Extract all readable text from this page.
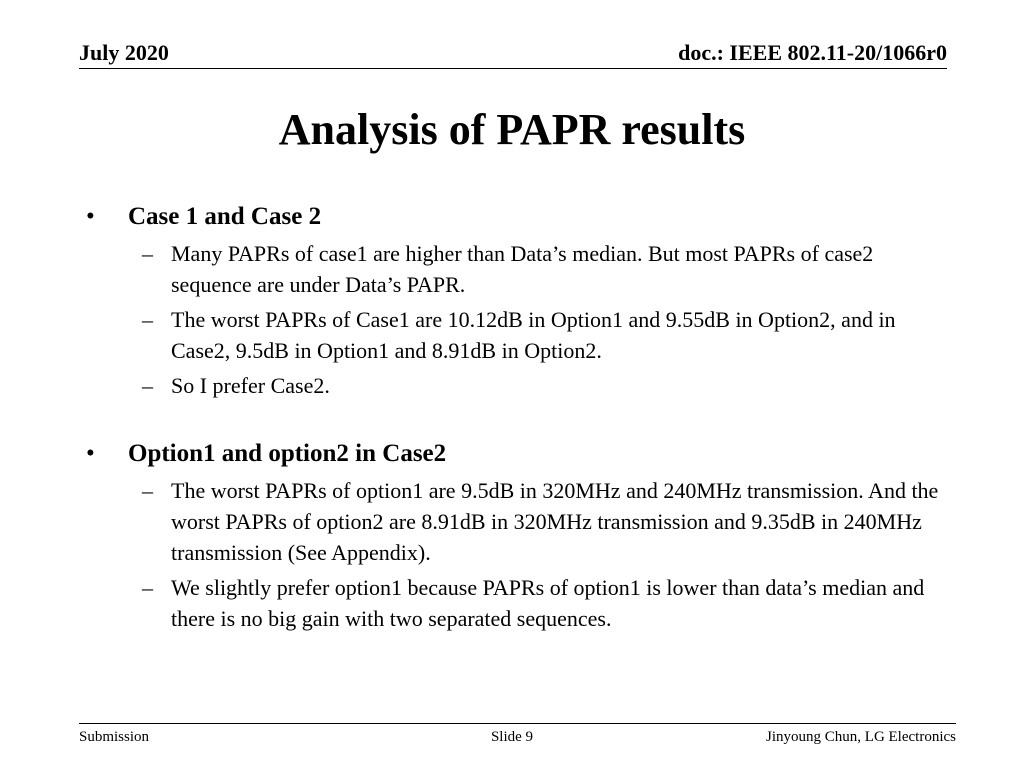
July 2020	doc.: IEEE 802.11-20/1066r0
Analysis of PAPR results
•	Case 1 and Case 2
– Many PAPRs of case1 are higher than Data’s median. But most PAPRs of case2 sequence are under Data’s PAPR.
– The worst PAPRs of Case1 are 10.12dB in Option1 and 9.55dB in Option2, and in Case2, 9.5dB in Option1 and 8.91dB in Option2.
– So I prefer Case2.
•	Option1 and option2 in Case2
– The worst PAPRs of option1 are 9.5dB in 320MHz and 240MHz transmission. And the worst PAPRs of option2 are 8.91dB in 320MHz transmission and 9.35dB in 240MHz transmission (See Appendix).
– We slightly prefer option1 because PAPRs of option1 is lower than data’s median and there is no big gain with two separated sequences.
Submission	Slide 9	Jinyoung Chun, LG Electronics
